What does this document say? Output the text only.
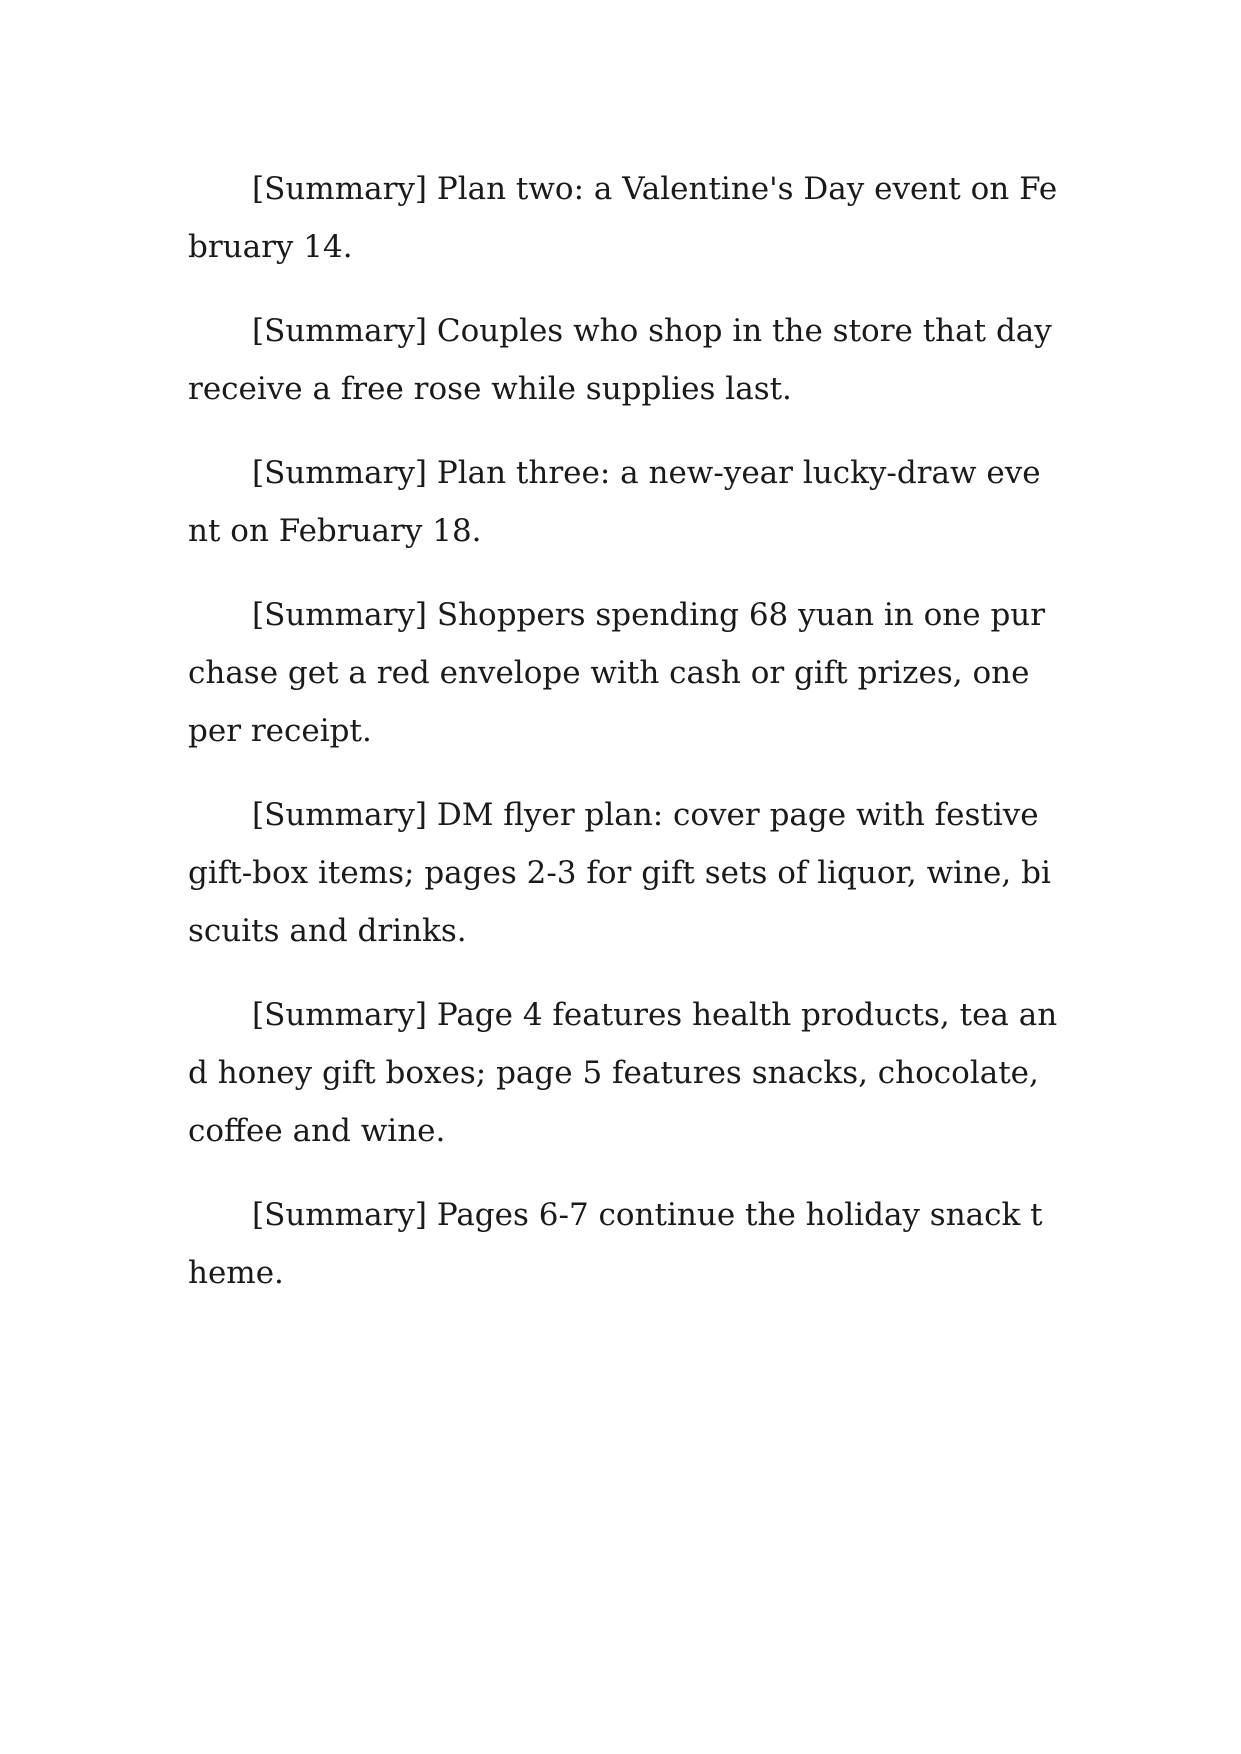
[Summary] Plan two: a Valentine's Day event on February 14.

[Summary] Couples who shop in the store that day receive a free rose while supplies last.

[Summary] Plan three: a new-year lucky-draw event on February 18.

[Summary] Shoppers spending 68 yuan in one purchase get a red envelope with cash or gift prizes, one per receipt.

[Summary] DM flyer plan: cover page with festive gift-box items; pages 2-3 for gift sets of liquor, wine, biscuits and drinks.

[Summary] Page 4 features health products, tea and honey gift boxes; page 5 features snacks, chocolate, coffee and wine.

[Summary] Pages 6-7 continue the holiday snack theme.
